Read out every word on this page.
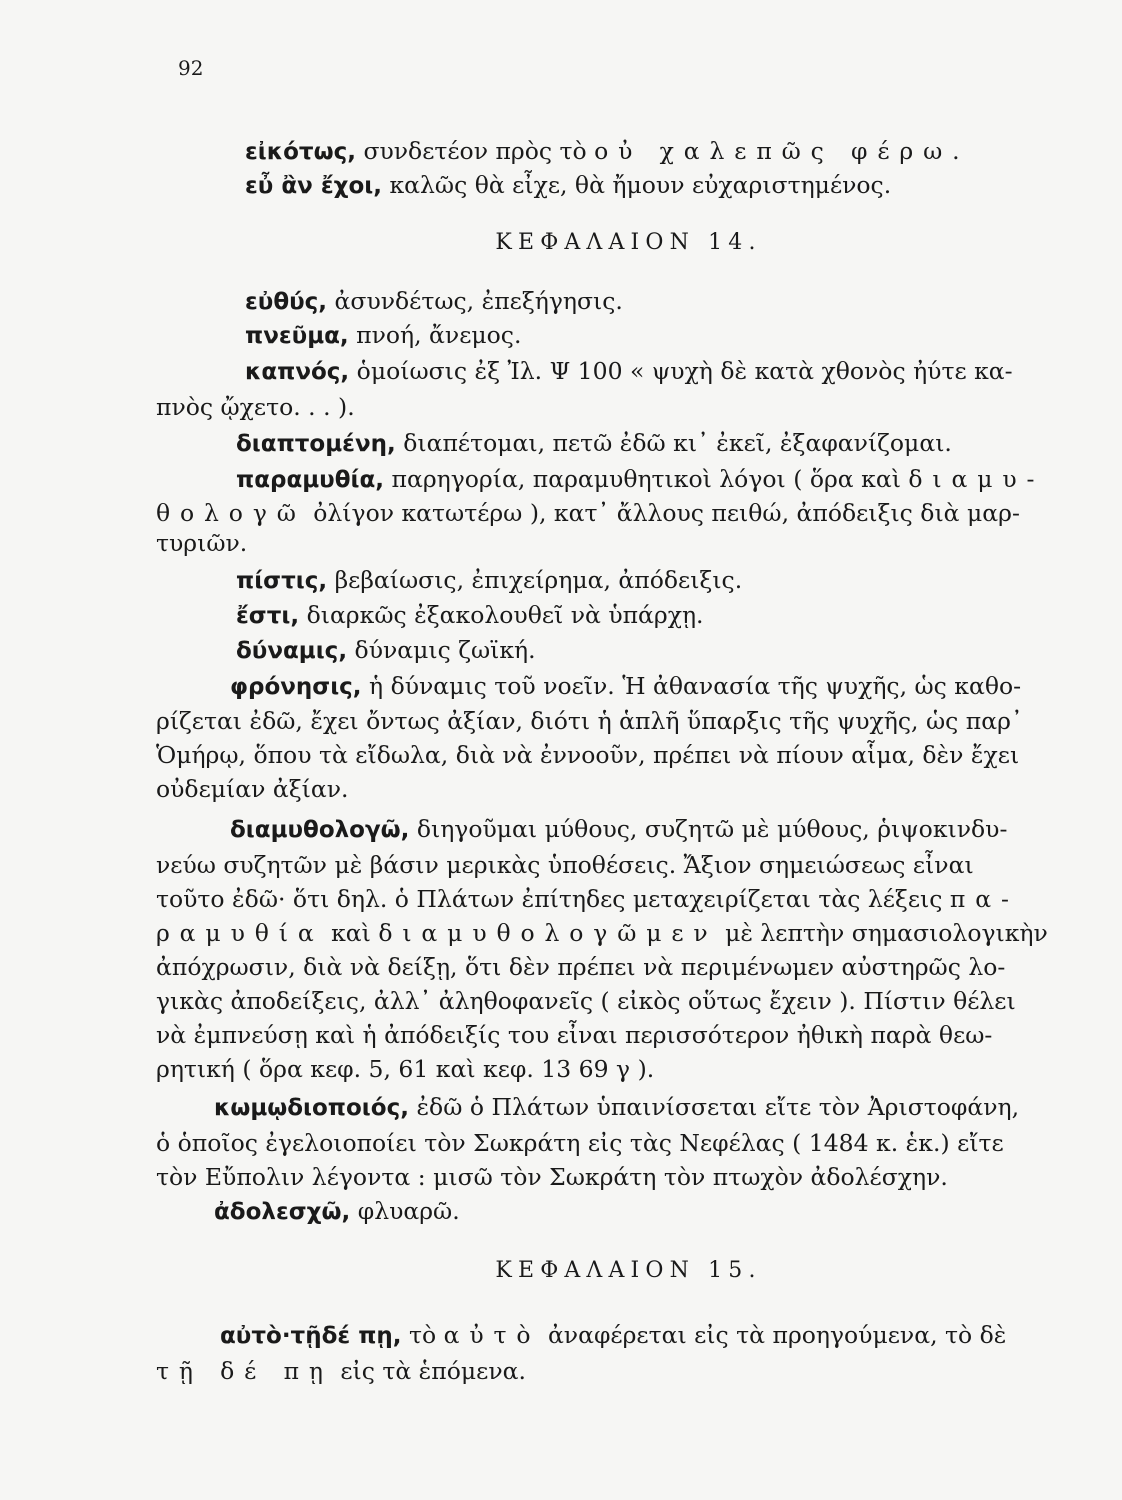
92
εἰκότως, συνδετέον πρὸς τὸ οὐ χαλεπῶς φέρω.
εὖ ἂν ἔχοι, καλῶς θὰ εἶχε, θὰ ἤμουν εὐχαριστημένος.
ΚΕΦΑΛΑΙΟΝ 14.
εὐθύς, ἀσυνδέτως, ἐπεξήγησις.
πνεῦμα, πνοή, ἄνεμος.
καπνός, ὁμοίωσις ἐξ Ἰλ. Ψ 100 « ψυχὴ δὲ κατὰ χθονὸς ἠύτε κα-
πνὸς ᾤχετο. . . ).
διαπτομένη, διαπέτομαι, πετῶ ἐδῶ κι᾽ ἐκεῖ, ἐξαφανίζομαι.
παραμυθία, παρηγορία, παραμυθητικοὶ λόγοι ( ὅρα καὶ διαμυ-
θολογῶ ὀλίγον κατωτέρω ), κατ᾽ ἄλλους πειθώ, ἀπόδειξις διὰ μαρ-
τυριῶν.
πίστις, βεβαίωσις, ἐπιχείρημα, ἀπόδειξις.
ἔστι, διαρκῶς ἐξακολουθεῖ νὰ ὑπάρχῃ.
δύναμις, δύναμις ζωϊκή.
φρόνησις, ἡ δύναμις τοῦ νοεῖν. Ἡ ἀθανασία τῆς ψυχῆς, ὡς καθο-
ρίζεται ἐδῶ, ἔχει ὄντως ἀξίαν, διότι ἡ ἁπλῆ ὕπαρξις τῆς ψυχῆς, ὡς παρ᾽
Ὁμήρῳ, ὅπου τὰ εἴδωλα, διὰ νὰ ἐννοοῦν, πρέπει νὰ πίουν αἷμα, δὲν ἔχει
οὐδεμίαν ἀξίαν.
διαμυθολογῶ, διηγοῦμαι μύθους, συζητῶ μὲ μύθους, ῥιψοκινδυ-
νεύω συζητῶν μὲ βάσιν μερικὰς ὑποθέσεις. Ἄξιον σημειώσεως εἶναι
τοῦτο ἐδῶ· ὅτι δηλ. ὁ Πλάτων ἐπίτηδες μεταχειρίζεται τὰς λέξεις πα-
ραμυθία καὶ διαμυθολογῶμεν μὲ λεπτὴν σημασιολογικὴν
ἀπόχρωσιν, διὰ νὰ δείξῃ, ὅτι δὲν πρέπει νὰ περιμένωμεν αὐστηρῶς λο-
γικὰς ἀποδείξεις, ἀλλ᾽ ἀληθοφανεῖς ( εἰκὸς οὕτως ἔχειν ). Πίστιν θέλει
νὰ ἐμπνεύσῃ καὶ ἡ ἀπόδειξίς του εἶναι περισσότερον ἠθικὴ παρὰ θεω-
ρητική ( ὅρα κεφ. 5, 61 καὶ κεφ. 13 69 γ ).
κωμῳδιοποιός, ἐδῶ ὁ Πλάτων ὑπαινίσσεται εἴτε τὸν Ἀριστοφάνη,
ὁ ὁποῖος ἐγελοιοποίει τὸν Σωκράτη εἰς τὰς Νεφέλας ( 1484 κ. ἑκ.) εἴτε
τὸν Εὔπολιν λέγοντα : μισῶ τὸν Σωκράτη τὸν πτωχὸν ἀδολέσχην.
ἀδολεσχῶ, φλυαρῶ.
ΚΕΦΑΛΑΙΟΝ 15.
αὐτὸ·τῇδέ πῃ, τὸ αὐτὸ ἀναφέρεται εἰς τὰ προηγούμενα, τὸ δὲ
τῇ δέ πῃ εἰς τὰ ἑπόμενα.
